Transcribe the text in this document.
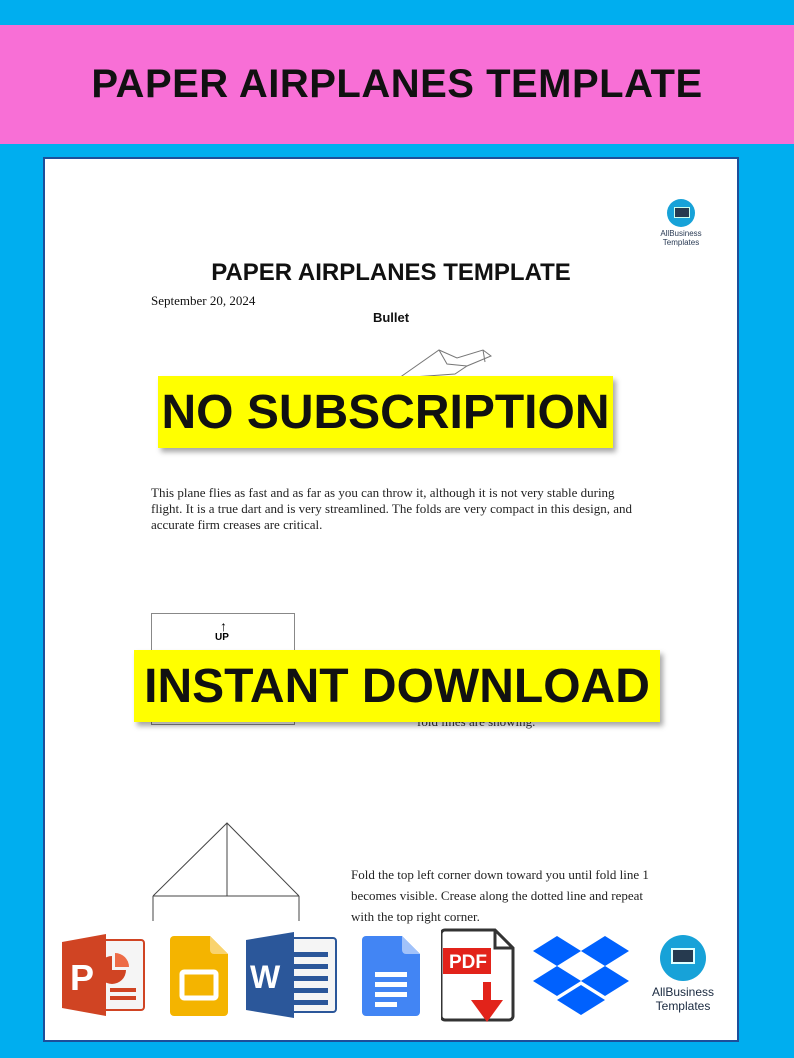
PAPER AIRPLANES TEMPLATE
AllBusiness Templates
PAPER AIRPLANES TEMPLATE
September 20, 2024
Bullet
This plane flies as fast and as far as you can throw it, although it is not very stable during flight. It is a true dart and is very streamlined. The folds are very compact in this design, and accurate firm creases are critical.
↑
UP
Fold the top left corner down toward you until fold line 1 becomes visible. Crease along the dotted line and repeat with the top right corner.
NO SUBSCRIPTION
INSTANT DOWNLOAD
P	W	PDF
AllBusiness
Templates
